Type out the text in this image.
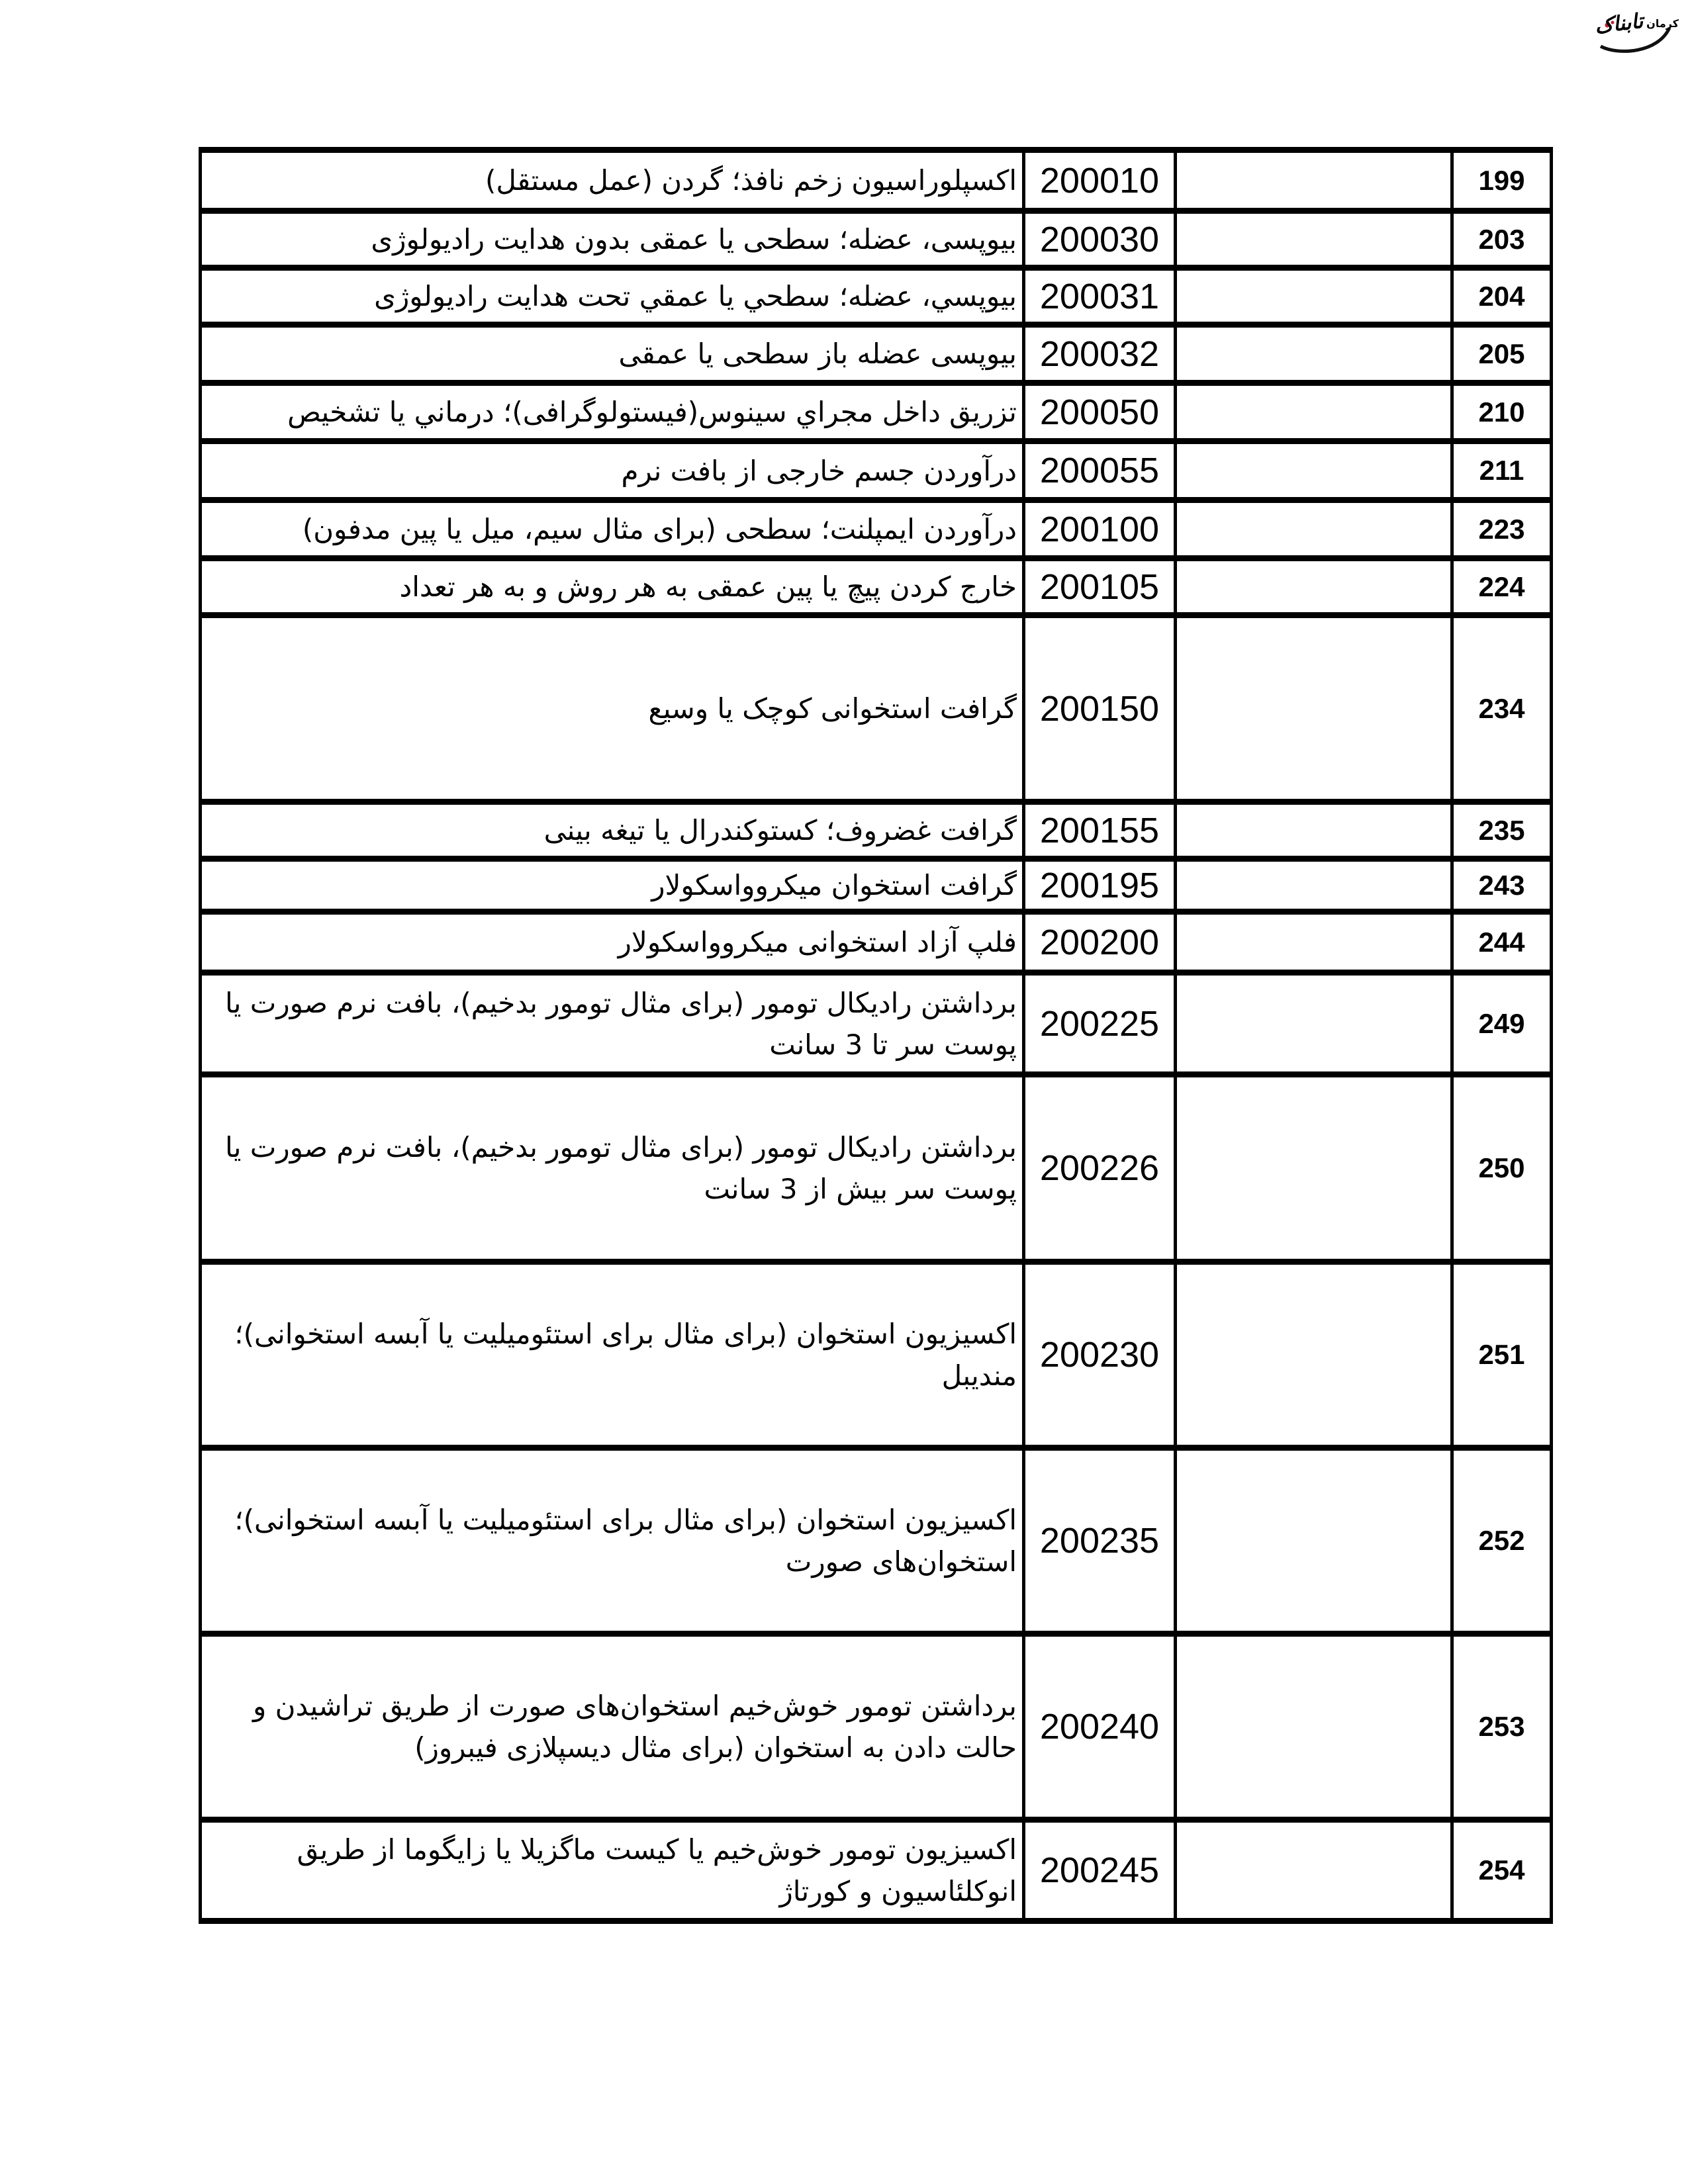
تابناک کرمان
اکسپلوراسیون زخم نافذ؛ گردن (عمل مستقل)	200010		199
بیوپسی، عضله؛ سطحی یا عمقی بدون هدایت رادیولوژی	200030		203
بيوپسي، عضله؛ سطحي يا عمقي تحت هدايت راديولوژی	200031		204
بیوپسی عضله باز سطحی یا عمقی	200032		205
تزريق داخل مجراي سينوس(فيستولوگرافی)؛ درماني يا تشخيص	200050		210
درآوردن جسم خارجی از بافت نرم	200055		211
درآوردن ایمپلنت؛ سطحی (برای مثال سیم، میل یا پین مدفون)	200100		223
خارج کردن پیچ یا پین عمقی به هر روش و به هر تعداد	200105		224
گرافت استخوانی کوچک یا وسیع	200150		234
گرافت غضروف؛ کستوکندرال یا تیغه بینی	200155		235
گرافت استخوان میکروواسکولار	200195		243
فلپ آزاد استخوانی میکروواسکولار	200200		244
برداشتن رادیکال تومور (برای مثال تومور بدخیم)، بافت نرم صورت یا پوست سر تا 3 سانت	200225		249
برداشتن رادیکال تومور (برای مثال تومور بدخیم)، بافت نرم صورت یا پوست سر بیش از 3 سانت	200226		250
اکسیزیون استخوان (برای مثال برای استئومیلیت یا آبسه استخوانی)؛ مندیبل	200230		251
اکسیزیون استخوان (برای مثال برای استئومیلیت یا آبسه استخوانی)؛ استخوان‌های صورت	200235		252
برداشتن تومور خوش‌خیم استخوان‌های صورت از طریق تراشیدن و حالت دادن به استخوان (برای مثال دیسپلازی فیبروز)	200240		253
اکسیزیون تومور خوش‌خیم یا کیست ماگزیلا یا زایگوما از طریق انوکلئاسیون و کورتاژ	200245		254
